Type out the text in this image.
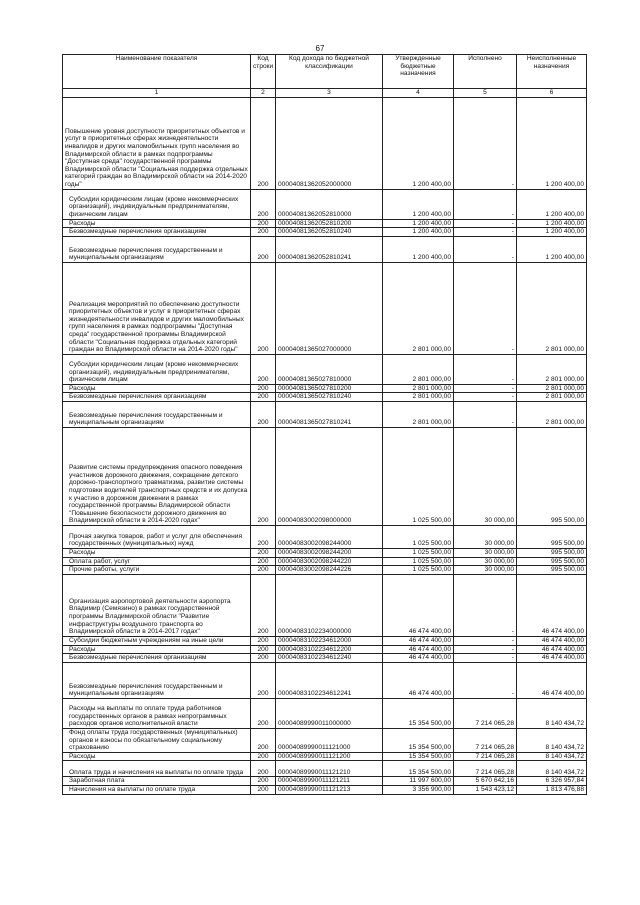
67
Наименование показателя	Код строки	Код дохода по бюджетной классификации	Утвержденные бюджетные назначения	Исполнено	Неисполненные назначения
1	2	3	4	5	6
Повышение уровня доступности приоритетных объектов и услуг в приоритетных сферах жизнедеятельности инвалидов и других маломобильных групп населения во Владимирской области в рамках подпрограммы "Доступная среда" государственной программы Владимирской области "Социальная поддержка отдельных категорий граждан во Владимирской области на 2014-2020 годы"	200	00004081362052000000	1 200 400,00	-	1 200 400,00
Субсидии юридическим лицам (кроме некоммерческих организаций), индивидуальным предпринимателям, физическим лицам	200	00004081362052810000	1 200 400,00	-	1 200 400,00
Расходы	200	00004081362052810200	1 200 400,00	-	1 200 400,00
Безвозмездные перечисления организациям	200	00004081362052810240	1 200 400,00	-	1 200 400,00
Безвозмездные перечисления государственным и муниципальным организациям	200	00004081362052810241	1 200 400,00	-	1 200 400,00
Реализация мероприятий по обеспечению доступности приоритетных объектов и услуг в приоритетных сферах жизнедеятельности инвалидов и других маломобильных групп населения в рамках подпрограммы "Доступная среда" государственной программы Владимирской области "Социальная поддержка отдельных категорий граждан во Владимирской области на 2014-2020 годы"	200	00004081365027000000	2 801 000,00	-	2 801 000,00
Субсидии юридическим лицам (кроме некоммерческих организаций), индивидуальным предпринимателям, физическим лицам	200	00004081365027810000	2 801 000,00	-	2 801 000,00
Расходы	200	00004081365027810200	2 801 000,00	-	2 801 000,00
Безвозмездные перечисления организациям	200	00004081365027810240	2 801 000,00	-	2 801 000,00
Безвозмездные перечисления государственным и муниципальным организациям	200	00004081365027810241	2 801 000,00	-	2 801 000,00
Развитие системы предупреждения опасного поведения участников дорожного движения, сокращение детского дорожно-транспортного травматизма, развитие системы подготовки водителей транспортных средств и их допуска к участию в дорожном движении в рамках государственной программы Владимирской области "Повышение безопасности дорожного движения во Владимирской области в 2014-2020 годах"	200	00004083002098000000	1 025 500,00	30 000,00	995 500,00
Прочая закупка товаров, работ и услуг для обеспечения государственных (муниципальных) нужд	200	00004083002098244000	1 025 500,00	30 000,00	995 500,00
Расходы	200	00004083002098244200	1 025 500,00	30 000,00	995 500,00
Оплата работ, услуг	200	00004083002098244220	1 025 500,00	30 000,00	995 500,00
Прочие работы, услуги	200	00004083002098244226	1 025 500,00	30 000,00	995 500,00
Организация аэропортовой деятельности аэропорта Владимир (Семязино) в рамках государственной программы Владимирской области "Развитие инфраструктуры воздушного транспорта во Владимирской области в 2014-2017 годах"	200	00004083102234000000	46 474 400,00	-	46 474 400,00
Субсидии бюджетным учреждениям на иные цели	200	00004083102234612000	46 474 400,00	-	46 474 400,00
Расходы	200	00004083102234612200	46 474 400,00	-	46 474 400,00
Безвозмездные перечисления организациям	200	00004083102234612240	46 474 400,00	-	46 474 400,00
Безвозмездные перечисления государственным и муниципальным организациям	200	00004083102234612241	46 474 400,00	-	46 474 400,00
Расходы на выплаты по оплате труда работников государственных органов в рамках непрограммных расходов органов исполнительной власти	200	00004089990011000000	15 354 500,00	7 214 065,28	8 140 434,72
Фонд оплаты труда государственных (муниципальных) органов и взносы по обязательному социальному страхованию	200	00004089990011121000	15 354 500,00	7 214 065,28	8 140 434,72
Расходы	200	00004089990011121200	15 354 500,00	7 214 065,28	8 140 434,72
Оплата труда и начисления на выплаты по оплате труда	200	00004089990011121210	15 354 500,00	7 214 065,28	8 140 434,72
Заработная плата	200	00004089990011121211	11 997 600,00	5 670 642,16	6 326 957,84
Начисления на выплаты по оплате труда	200	00004089990011121213	3 356 900,00	1 543 423,12	1 813 476,88
